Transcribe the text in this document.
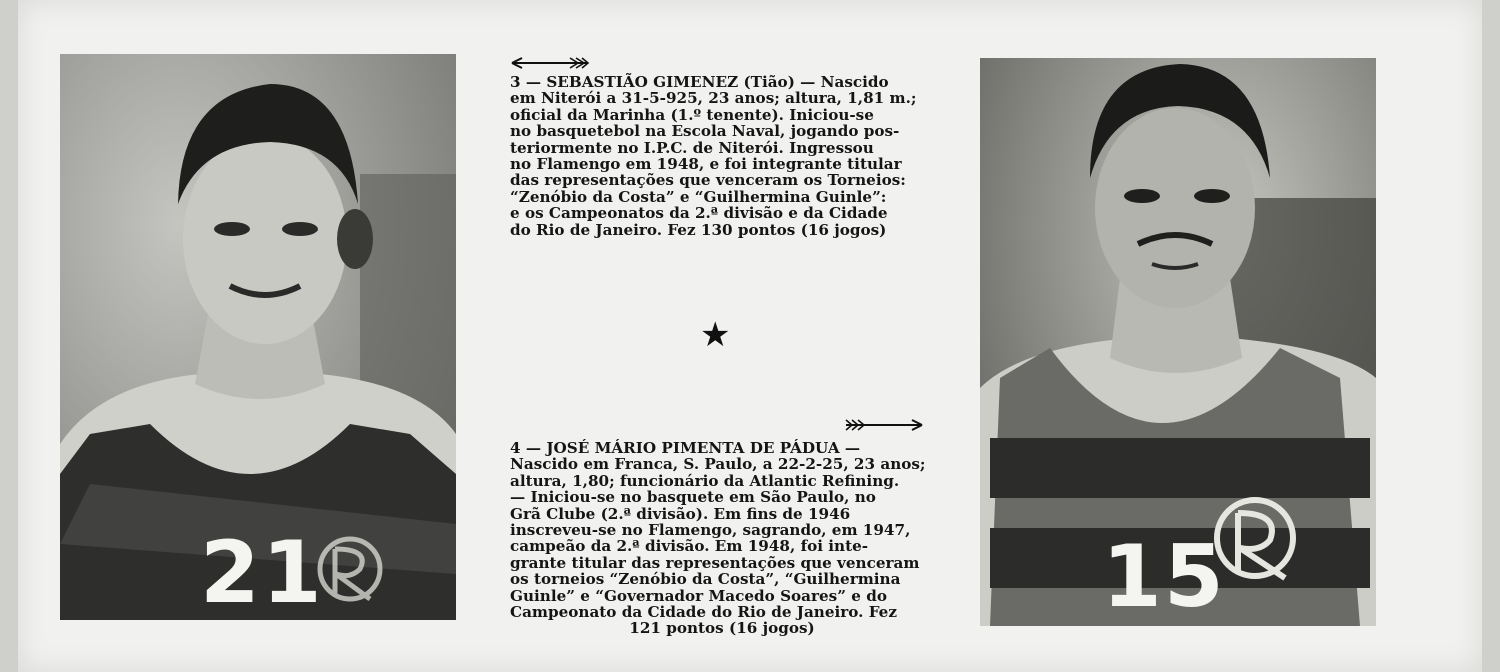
21	15

3 — SEBASTIÃO GIMENEZ (Tião) — Nascido

em Niterói a 31-5-925, 23 anos; altura, 1,81 m.;

oficial da Marinha (1.º tenente). Iniciou-se

no basquetebol na Escola Naval, jogando pos-

teriormente no I.P.C. de Niterói. Ingressou

no Flamengo em 1948, e foi integrante titular

das representações que venceram os Torneios:

“Zenóbio da Costa” e “Guilhermina Guinle”:

e os Campeonatos da 2.ª divisão e da Cidade

do Rio de Janeiro. Fez 130 pontos (16 jogos)

★

4 — JOSÉ MÁRIO PIMENTA DE PÁDUA —

Nascido em Franca, S. Paulo, a 22-2-25, 23 anos;

altura, 1,80; funcionário da Atlantic Refining.

— Iniciou-se no basquete em São Paulo, no

Grã Clube (2.ª divisão). Em fins de 1946

inscreveu-se no Flamengo, sagrando, em 1947,

campeão da 2.ª divisão. Em 1948, foi inte-

grante titular das representações que venceram

os torneios “Zenóbio da Costa”, “Guilhermina

Guinle” e “Governador Macedo Soares” e do

Campeonato da Cidade do Rio de Janeiro. Fez

121 pontos (16 jogos)
